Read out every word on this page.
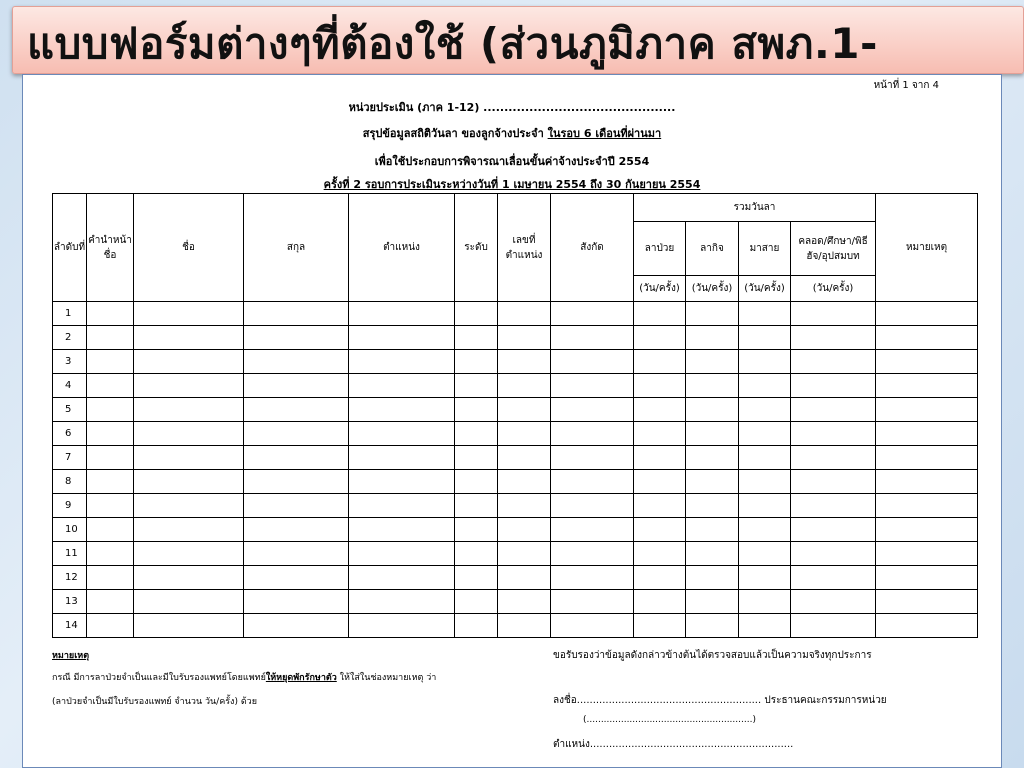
แบบฟอร์มต่างๆที่ต้องใช้ (ส่วนภูมิภาค สพภ.1-
หน้าที่ 1 จาก 4
หน่วยประเมิน (ภาค 1-12) ..............................................
สรุปข้อมูลสถิติวันลา ของลูกจ้างประจำ ในรอบ 6 เดือนที่ผ่านมา
เพื่อใช้ประกอบการพิจารณาเลื่อนขั้นค่าจ้างประจำปี 2554
ครั้งที่ 2 รอบการประเมินระหว่างวันที่ 1 เมษายน 2554 ถึง 30 กันยายน 2554
ลำดับที่	คำนำหน้าชื่อ	ชื่อ	สกุล	ตำแหน่ง	ระดับ	เลขที่ตำแหน่ง	สังกัด	รวมวันลา				หมายเหตุ
								ลาป่วย	ลากิจ	มาสาย	คลอด/ศึกษา/พิธีฮัจ/อุปสมบท	
								(วัน/ครั้ง)	(วัน/ครั้ง)	(วัน/ครั้ง)	(วัน/ครั้ง)	
1												
2												
3												
4												
5												
6												
7												
8												
9												
10												
11												
12												
13												
14												
หมายเหตุ
กรณี มีการลาป่วยจำเป็นและมีใบรับรองแพทย์โดยแพทย์ให้หยุดพักรักษาตัว ให้ใส่ในช่องหมายเหตุ ว่า
(ลาป่วยจำเป็นมีใบรับรองแพทย์ จำนวน วัน/ครั้ง) ด้วย
ขอรับรองว่าข้อมูลดังกล่าวข้างต้นได้ตรวจสอบแล้วเป็นความจริงทุกประการ
ลงชื่อ.......................................................... ประธานคณะกรรมการหน่วย
(..........................................................)
ตำแหน่ง................................................................
